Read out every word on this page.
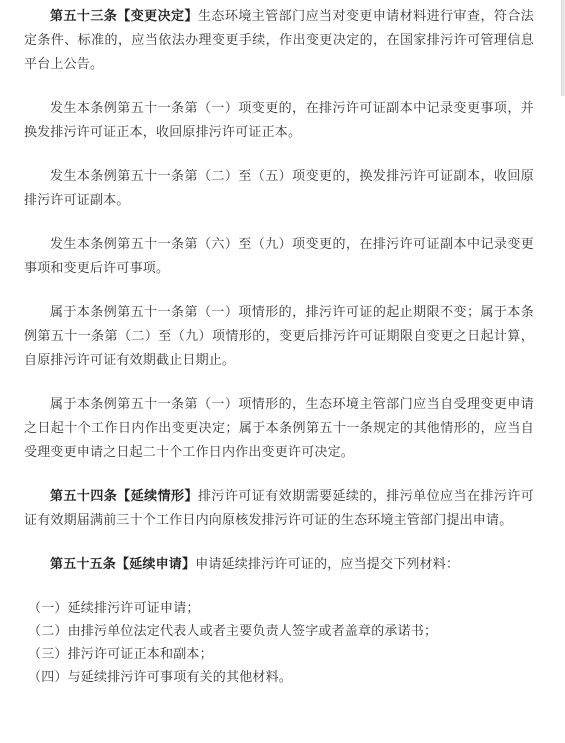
第五十三条【变更决定】生态环境主管部门应当对变更申请材料进行审查，符合法定条件、标准的，应当依法办理变更手续，作出变更决定的，在国家排污许可管理信息平台上公告。

发生本条例第五十一条第（一）项变更的，在排污许可证副本中记录变更事项，并换发排污许可证正本，收回原排污许可证正本。

发生本条例第五十一条第（二）至（五）项变更的，换发排污许可证副本，收回原排污许可证副本。

发生本条例第五十一条第（六）至（九）项变更的，在排污许可证副本中记录变更事项和变更后许可事项。

属于本条例第五十一条第（一）项情形的，排污许可证的起止期限不变；属于本条例第五十一条第（二）至（九）项情形的，变更后排污许可证期限自变更之日起计算，自原排污许可证有效期截止日期止。

属于本条例第五十一条第（一）项情形的，生态环境主管部门应当自受理变更申请之日起十个工作日内作出变更决定；属于本条例第五十一条规定的其他情形的，应当自受理变更申请之日起二十个工作日内作出变更许可决定。

第五十四条【延续情形】排污许可证有效期需要延续的，排污单位应当在排污许可证有效期届满前三十个工作日内向原核发排污许可证的生态环境主管部门提出申请。

第五十五条【延续申请】申请延续排污许可证的，应当提交下列材料：

（一）延续排污许可证申请；
（二）由排污单位法定代表人或者主要负责人签字或者盖章的承诺书；
（三）排污许可证正本和副本；
（四）与延续排污许可事项有关的其他材料。
